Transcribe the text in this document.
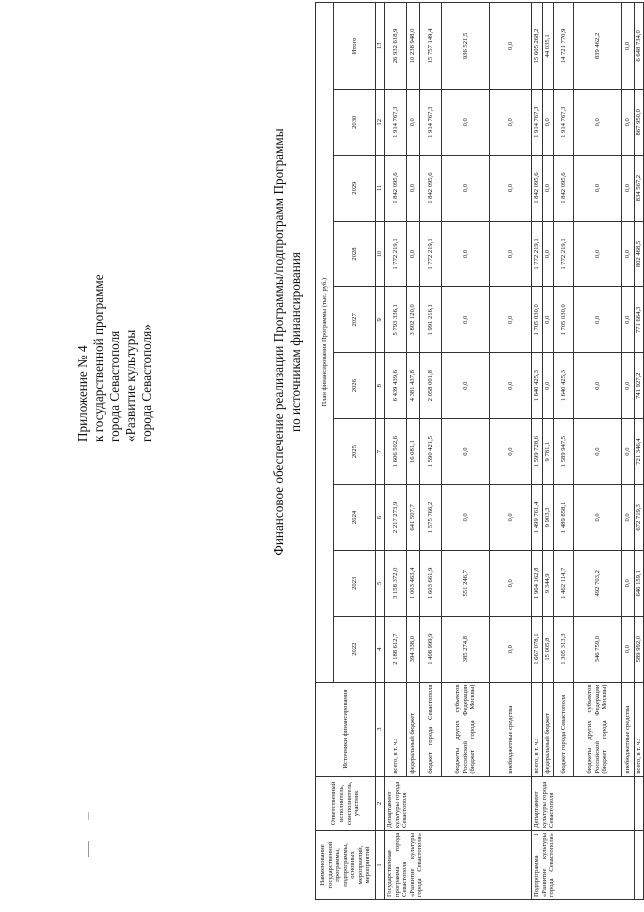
Приложение № 4 к государственной программе города Севастополя «Развитие культуры города Севастополя»	Финансовое обеспечение реализации Программы/подпрограмм Программы по источникам финансирования
Наименование государственной программы, подпрограммы, основных мероприятий, мероприятий	Ответственный исполнитель, соисполнитель, участник	Источники финансирования	План финансирования Программы (тыс. руб.)									
			2022	2023	2024	2025	2026	2027	2028	2029	2030	Итого
1	2	3	4	5	6	7	8	9	10	11	12	13
Государственная программа города Севастополя «Развитие культуры города Севастополя»	Департамент культуры города Севастополя	всего, в т. ч.:	2 188 612,7	3 158 372,0	2 217 273,9	1 606 502,6	6 439 439,6	5 793 336,1	1 772 219,1	1 842 095,6	1 914 767,3	26 932 618,9
		федеральный бюджет	394 338,0	1 003 463,4	641 507,7	16 081,1	4 381 437,8	3 802 120,0	0,0	0,0	0,0	10 238 948,0
		бюджет города Севастополя	1 408 999,9	1 603 661,9	1 575 766,2	1 590 421,5	2 058 001,8	1 991 216,1	1 772 219,1	1 842 095,6	1 914 767,3	15 757 149,4
		бюджеты других субъектов Российской Федерации (бюджет города Москвы)	385 274,8	551 246,7	0,0	0,0	0,0	0,0	0,0	0,0	0,0	936 521,5
		внебюджетные средства	0,0	0,0	0,0	0,0	0,0	0,0	0,0	0,0	0,0	0,0
Подпрограмма 1 «Развитие культуры города Севастополя»	Департамент культуры города Севастополя	всего, в т. ч.:	1 667 078,1	1 964 162,8	1 499 761,4	1 599 728,6	1 640 425,3	1 705 030,0	1 772 219,1	1 842 095,6	1 914 767,3	15 605 268,2
		федеральный бюджет	15 005,8	9 344,9	9 903,3	9 781,1	0,0	0,0	0,0	0,0	0,0	44 035,1
		бюджет города Севастополя	1 305 313,3	1 462 114,7	1 489 858,1	1 589 947,5	1 640 425,3	1 705 030,0	1 772 219,1	1 842 095,6	1 914 767,3	14 721 770,9
		бюджеты других субъектов Российской Федерации (бюджет города Москвы)	346 759,0	492 703,2	0,0	0,0	0,0	0,0	0,0	0,0	0,0	839 462,2
		внебюджетные средства	0,0	0,0	0,0	0,0	0,0	0,0	0,0	0,0	0,0	0,0
		всего, в т. ч.:	589 992,0	646 159,1	672 719,3	721 346,4	741 927,2	771 664,3	802 468,5	834 567,2	867 950,0	6 648 734,0
